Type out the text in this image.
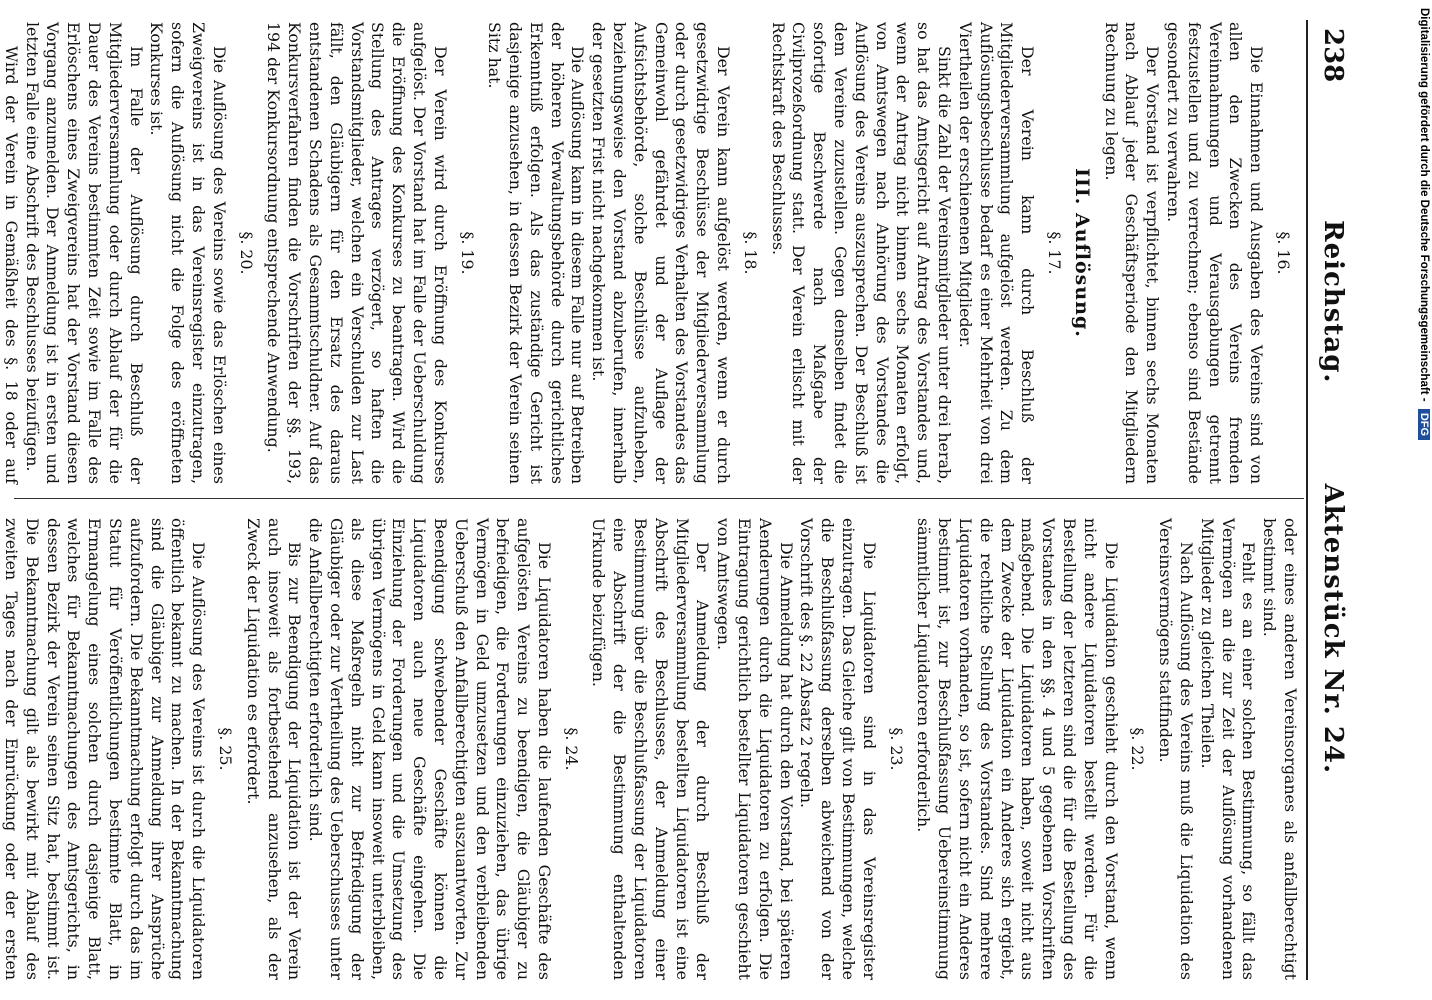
238
Reichstag. Aktenstück Nr. 24.
§. 16.

Die Einnahmen und Ausgaben des Vereins sind von allen den Zwecken des Vereins fremden Vereinnahmungen und Verausgabungen getrennt festzustellen und zu verrechnen; ebenso sind Bestände gesondert zu verwahren.

Der Vorstand ist verpflichtet, binnen sechs Monaten nach Ablauf jeder Geschäftsperiode den Mitgliedern Rechnung zu legen.

III. Auflösung.
§. 17.

Der Verein kann durch Beschluß der Mitgliederversammlung aufgelöst werden. Zu dem Auflösungsbeschlusse bedarf es einer Mehrheit von drei Viertheilen der erschienenen Mitglieder.

Sinkt die Zahl der Vereinsmitglieder unter drei herab, so hat das Amtsgericht auf Antrag des Vorstandes und, wenn der Antrag nicht binnen sechs Monaten erfolgt, von Amtswegen nach Anhörung des Vorstandes die Auflösung des Vereins auszusprechen. Der Beschluß ist dem Vereine zuzustellen. Gegen denselben findet die sofortige Beschwerde nach Maßgabe der Civilprozeßordnung statt. Der Verein erlischt mit der Rechtskraft des Beschlusses.

§. 18.

Der Verein kann aufgelöst werden, wenn er durch gesetzwidrige Beschlüsse der Mitgliederversammlung oder durch gesetzwidriges Verhalten des Vorstandes das Gemeinwohl gefährdet und der Auflage der Aufsichtsbehörde, solche Beschlüsse aufzuheben, beziehungsweise den Vorstand abzuberufen, innerhalb der gesetzten Frist nicht nachgekommen ist.

Die Auflösung kann in diesem Falle nur auf Betreiben der höheren Verwaltungsbehörde durch gerichtliches Erkenntniß erfolgen. Als das zuständige Gericht ist dasjenige anzusehen, in dessen Bezirk der Verein seinen Sitz hat.

§. 19.

Der Verein wird durch Eröffnung des Konkurses aufgelöst. Der Vorstand hat im Falle der Ueberschuldung die Eröffnung des Konkurses zu beantragen. Wird die Stellung des Antrages verzögert, so haften die Vorstandsmitglieder, welchen ein Verschulden zur Last fällt, den Gläubigern für den Ersatz des daraus entstandenen Schadens als Gesammtschuldner. Auf das Konkursverfahren finden die Vorschriften der §§. 193, 194 der Konkursordnung entsprechende Anwendung.

§. 20.

Die Auflösung des Vereins sowie das Erlöschen eines Zweigvereins ist in das Vereinsregister einzutragen, sofern die Auflösung nicht die Folge des eröffneten Konkurses ist.

Im Falle der Auflösung durch Beschluß der Mitgliederversammlung oder durch Ablauf der für die Dauer des Vereins bestimmten Zeit sowie im Falle des Erlöschens eines Zweigvereins hat der Vorstand diesen Vorgang anzumelden. Der Anmeldung ist in ersten und letzten Falle eine Abschrift des Beschlusses beizufügen.

Wird der Verein in Gemäßheit des §. 18 oder auf

oder eines anderen Vereinsorganes als anfallberechtigt bestimmt sind.

Fehlt es an einer solchen Bestimmung, so fällt das Vermögen an die zur Zeit der Auflösung vorhandenen Mitglieder zu gleichen Theilen.

Nach Auflösung des Vereins muß die Liquidation des Vereinsvermögens stattfinden.

§. 22.

Die Liquidation geschieht durch den Vorstand, wenn nicht andere Liquidatoren bestellt werden. Für die Bestellung der letzteren sind die für die Bestellung des Vorstandes in den §§. 4 und 5 gegebenen Vorschriften maßgebend. Die Liquidatoren haben, soweit nicht aus dem Zwecke der Liquidation ein Anderes sich ergiebt, die rechtliche Stellung des Vorstandes. Sind mehrere Liquidatoren vorhanden, so ist, sofern nicht ein Anderes bestimmt ist, zur Beschlußfassung Uebereinstimmung sämmtlicher Liquidatoren erforderlich.

§. 23.

Die Liquidatoren sind in das Vereinsregister einzutragen. Das Gleiche gilt von Bestimmungen, welche die Beschlußfassung derselben abweichend von der Vorschrift des §. 22 Absatz 2 regeln.

Die Anmeldung hat durch den Vorstand, bei späteren Aenderungen durch die Liquidatoren zu erfolgen. Die Eintragung gerichtlich bestellter Liquidatoren geschieht von Amtswegen.

Der Anmeldung der durch Beschluß der Mitgliederversammlung bestellten Liquidatoren ist eine Abschrift des Beschlusses, der Anmeldung einer Bestimmung über die Beschlußfassung der Liquidatoren eine Abschrift der die Bestimmung enthaltenden Urkunde beizufügen.

§. 24.

Die Liquidatoren haben die laufenden Geschäfte des aufgelösten Vereins zu beendigen, die Gläubiger zu befriedigen, die Forderungen einzuziehen, das übrige Vermögen in Geld umzusetzen und den verbleibenden Ueberschuß den Anfallberechtigten auszuantworten. Zur Beendigung schwebender Geschäfte können die Liquidatoren auch neue Geschäfte eingehen. Die Einziehung der Forderungen und die Umsetzung des übrigen Vermögens in Geld kann insoweit unterbleiben, als diese Maßregeln nicht zur Befriedigung der Gläubiger oder zur Vertheilung des Ueberschusses unter die Anfallberechtigten erforderlich sind.

Bis zur Beendigung der Liquidation ist der Verein auch insoweit als fortbestehend anzusehen, als der Zweck der Liquidation es erfordert.

§. 25.

Die Auflösung des Vereins ist durch die Liquidatoren öffentlich bekannt zu machen. In der Bekanntmachung sind die Gläubiger zur Anmeldung ihrer Ansprüche aufzufordern. Die Bekanntmachung erfolgt durch das im Statut für Veröffentlichungen bestimmte Blatt, in Ermangelung eines solchen durch dasjenige Blatt, welches für Bekanntmachungen des Amtsgerichts, in dessen Bezirk der Verein seinen Sitz hat, bestimmt ist. Die Bekanntmachung gilt als bewirkt mit Ablauf des zweiten Tages nach der Einrückung oder der ersten

Digitalisierung gefördert durch die Deutsche Forschungsgemeinschaft - DFG
